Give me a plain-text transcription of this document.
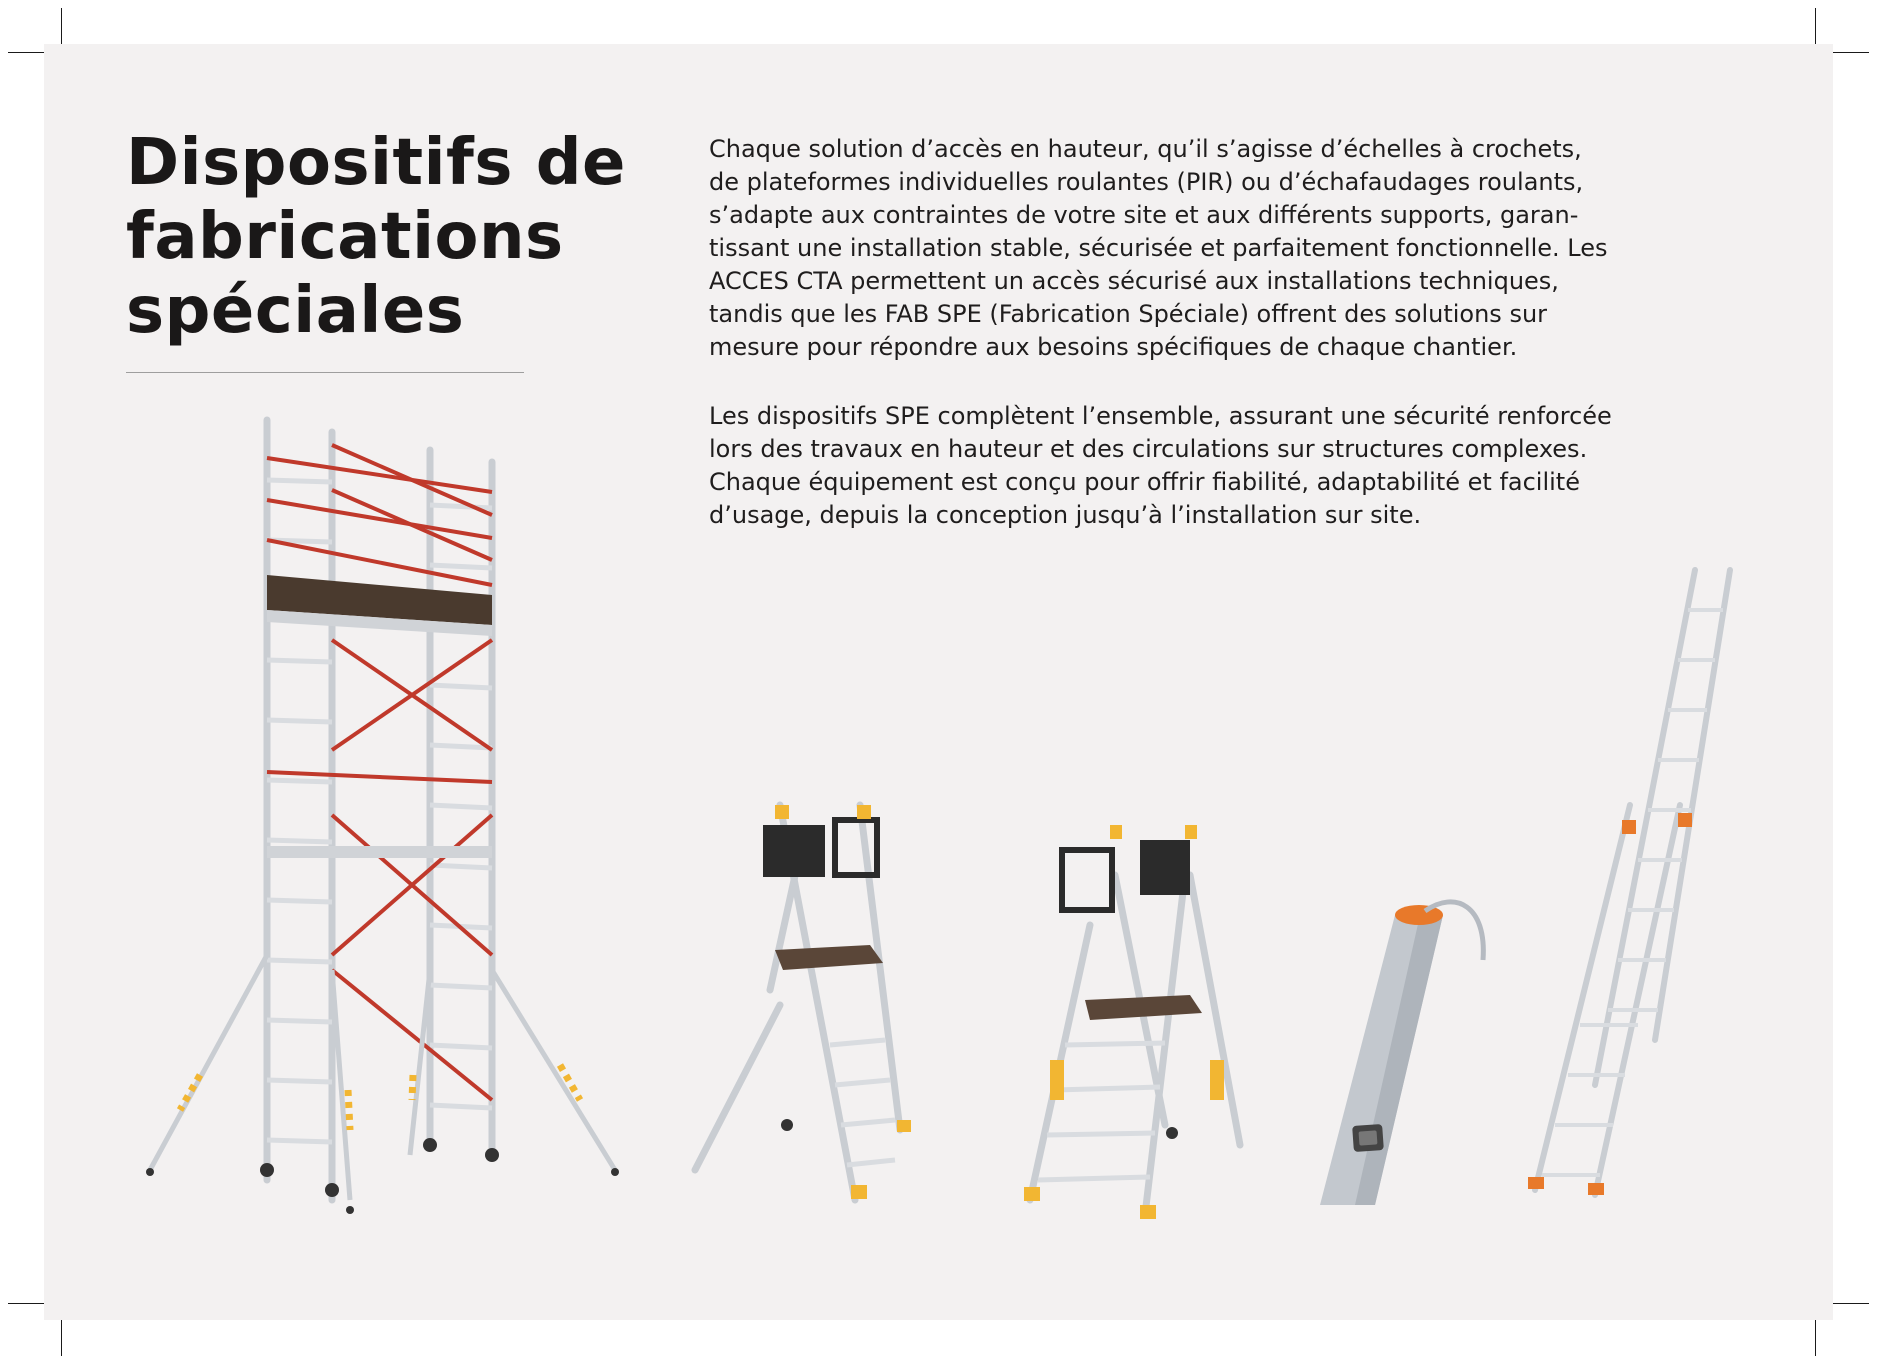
Dispositifs de
fabrications
spéciales

Chaque solution d’accès en hauteur, qu’il s’agisse d’échelles à crochets,
de plateformes individuelles roulantes (PIR) ou d’échafaudages roulants,
s’adapte aux contraintes de votre site et aux différents supports, garan-
tissant une installation stable, sécurisée et parfaitement fonctionnelle. Les
ACCES CTA permettent un accès sécurisé aux installations techniques,
tandis que les FAB SPE (Fabrication Spéciale) offrent des solutions sur
mesure pour répondre aux besoins spécifiques de chaque chantier.

Les dispositifs SPE complètent l’ensemble, assurant une sécurité renforcée
lors des travaux en hauteur et des circulations sur structures complexes.
Chaque équipement est conçu pour offrir fiabilité, adaptabilité et facilité
d’usage, depuis la conception jusqu’à l’installation sur site.
